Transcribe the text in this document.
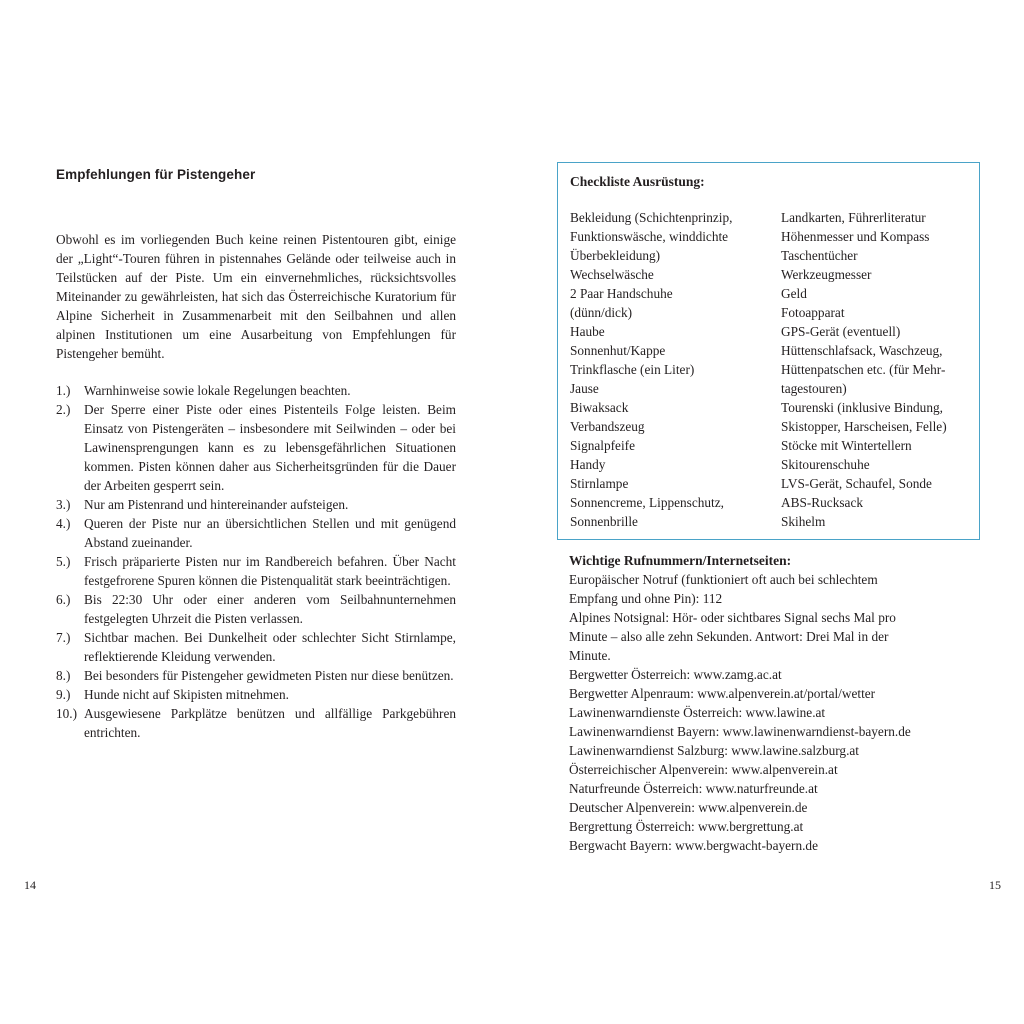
Empfehlungen für Pistengeher

Obwohl es im vorliegenden Buch keine reinen Pistentouren gibt, einige der „Light“-Touren führen in pistennahes Gelände oder teilweise auch in Teilstücken auf der Piste. Um ein einvernehmliches, rücksichtsvolles Miteinander zu gewährleisten, hat sich das Österreichische Kuratorium für Alpine Sicherheit in Zusammenarbeit mit den Seilbahnen und allen alpinen Institutionen um eine Ausarbeitung von Empfehlungen für Pistengeher bemüht.

1.) Warnhinweise sowie lokale Regelungen beachten.
2.) Der Sperre einer Piste oder eines Pistenteils Folge leisten. Beim Einsatz von Pistengeräten – insbesondere mit Seilwinden – oder bei Lawinensprengungen kann es zu lebensgefährlichen Situationen kommen. Pisten können daher aus Sicherheitsgründen für die Dauer der Arbeiten gesperrt sein.
3.) Nur am Pistenrand und hintereinander aufsteigen.
4.) Queren der Piste nur an übersichtlichen Stellen und mit genügend Abstand zueinander.
5.) Frisch präparierte Pisten nur im Randbereich befahren. Über Nacht festgefrorene Spuren können die Pistenqualität stark beeinträchtigen.
6.) Bis 22:30 Uhr oder einer anderen vom Seilbahnunternehmen festgelegten Uhrzeit die Pisten verlassen.
7.) Sichtbar machen. Bei Dunkelheit oder schlechter Sicht Stirnlampe, reflektierende Kleidung verwenden.
8.) Bei besonders für Pistengeher gewidmeten Pisten nur diese benützen.
9.) Hunde nicht auf Skipisten mitnehmen.
10.) Ausgewiesene Parkplätze benützen und allfällige Parkgebühren entrichten.
14

Checkliste Ausrüstung:

Bekleidung (Schichtenprinzip,
Funktionswäsche, winddichte
Überbekleidung)
Wechselwäsche
2 Paar Handschuhe
(dünn/dick)
Haube
Sonnenhut/Kappe
Trinkflasche (ein Liter)
Jause
Biwaksack
Verbandszeug
Signalpfeife
Handy
Stirnlampe
Sonnencreme, Lippenschutz,
Sonnenbrille
Landkarten, Führerliteratur
Höhenmesser und Kompass
Taschentücher
Werkzeugmesser
Geld
Fotoapparat
GPS-Gerät (eventuell)
Hüttenschlafsack, Waschzeug,
Hüttenpatschen etc. (für Mehr-
tagestouren)
Tourenski (inklusive Bindung,
Skistopper, Harscheisen, Felle)
Stöcke mit Wintertellern
Skitourenschuhe
LVS-Gerät, Schaufel, Sonde
ABS-Rucksack
Skihelm

Wichtige Rufnummern/Internetseiten:

Europäischer Notruf (funktioniert oft auch bei schlechtem
Empfang und ohne Pin): 112
Alpines Notsignal: Hör- oder sichtbares Signal sechs Mal pro
Minute – also alle zehn Sekunden. Antwort: Drei Mal in der
Minute.
Bergwetter Österreich: www.zamg.ac.at
Bergwetter Alpenraum: www.alpenverein.at/portal/wetter
Lawinenwarndienste Österreich: www.lawine.at
Lawinenwarndienst Bayern: www.lawinenwarndienst-bayern.de
Lawinenwarndienst Salzburg: www.lawine.salzburg.at
Österreichischer Alpenverein: www.alpenverein.at
Naturfreunde Österreich: www.naturfreunde.at
Deutscher Alpenverein: www.alpenverein.de
Bergrettung Österreich: www.bergrettung.at
Bergwacht Bayern: www.bergwacht-bayern.de
15
